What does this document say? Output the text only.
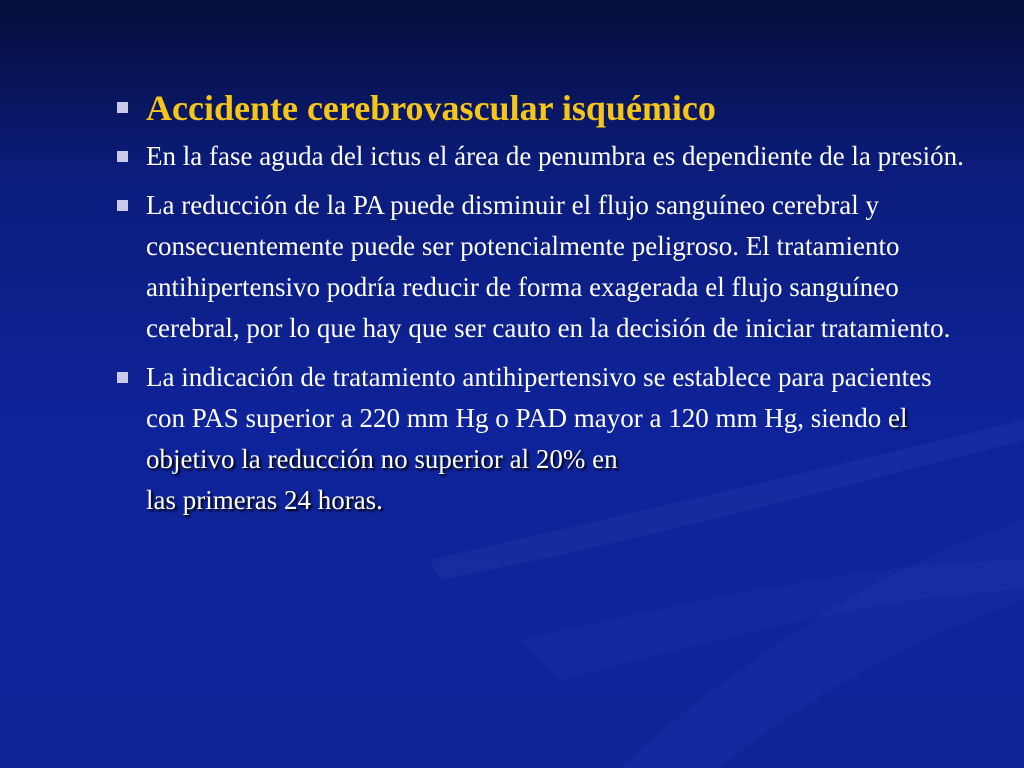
Accidente cerebrovascular isquémico
En la fase aguda del ictus el área de penumbra es dependiente de la presión.
La reducción de la PA puede disminuir el flujo sanguíneo cerebral y consecuentemente puede ser potencialmente peligroso. El tratamiento antihipertensivo podría reducir de forma exagerada el flujo sanguíneo cerebral, por lo que hay que ser cauto en la decisión de iniciar tratamiento.
La indicación de tratamiento antihipertensivo se establece para pacientes con PAS superior a 220 mm Hg o PAD mayor a 120 mm Hg, siendo el objetivo la reducción no superior al 20% en
las primeras 24 horas.
